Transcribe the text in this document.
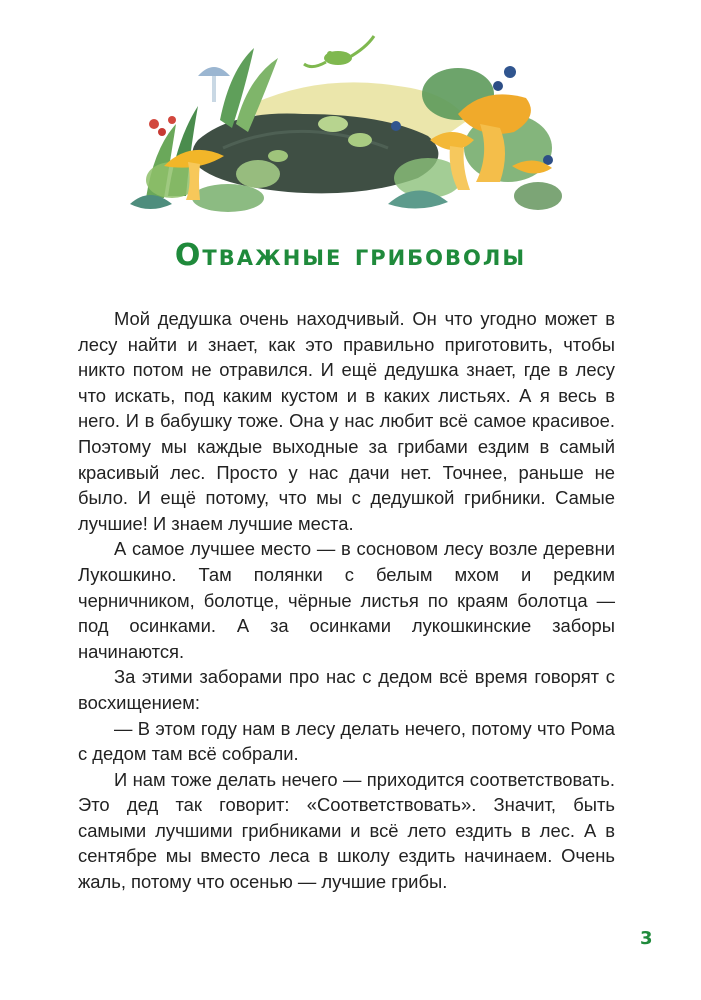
Отважные грибоволы

Мой дедушка очень находчивый. Он что угодно может в лесу найти и знает, как это правильно приготовить, чтобы никто потом не отравился. И ещё дедушка знает, где в лесу что искать, под каким кустом и в каких листьях. А я весь в него. И в бабушку тоже. Она у нас любит всё самое красивое. Поэтому мы каждые выходные за грибами ездим в самый красивый лес. Просто у нас дачи нет. Точнее, раньше не было. И ещё потому, что мы с дедушкой грибники. Самые лучшие! И знаем лучшие места.

А самое лучшее место — в сосновом лесу возле деревни Лукошкино. Там полянки с белым мхом и редким черничником, болотце, чёрные листья по краям болотца — под осинками. А за осинками лукошкинские заборы начинаются.

За этими заборами про нас с дедом всё время говорят с восхищением:

— В этом году нам в лесу делать нечего, потому что Рома с дедом там всё собрали.

И нам тоже делать нечего — приходится соответствовать. Это дед так говорит: «Соответствовать». Значит, быть самыми лучшими грибниками и всё лето ездить в лес. А в сентябре мы вместо леса в школу ездить начинаем. Очень жаль, потому что осенью — лучшие грибы.

3
